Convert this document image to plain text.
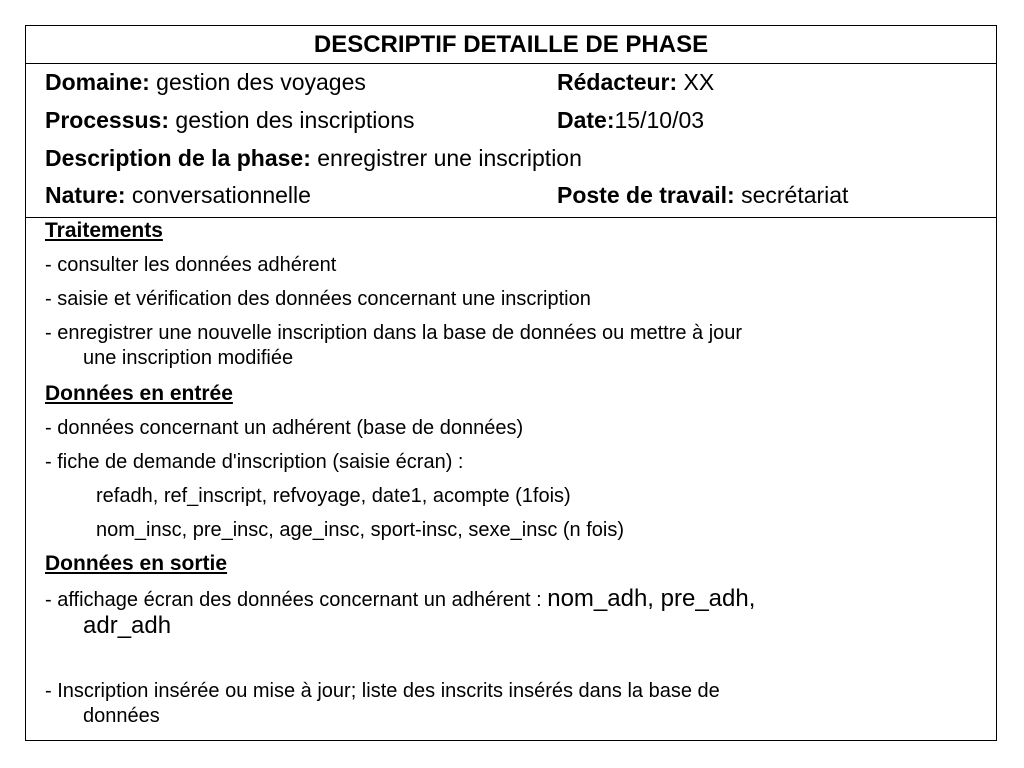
DESCRIPTIF DETAILLE DE PHASE
Domaine: gestion des voyages	Rédacteur: XX
Processus: gestion des inscriptions	Date:15/10/03
Description de la phase: enregistrer une inscription
Nature: conversationnelle	Poste de travail: secrétariat
Traitements
- consulter les données adhérent
- saisie et vérification des données concernant une inscription
- enregistrer une nouvelle inscription dans la base de données ou mettre à jour
une inscription modifiée
Données en entrée
- données concernant un adhérent (base de données)
- fiche de demande d'inscription (saisie écran) :
refadh, ref_inscript, refvoyage, date1, acompte (1fois)
nom_insc, pre_insc, age_insc, sport-insc, sexe_insc (n fois)
Données en sortie
- affichage écran des données concernant un adhérent : nom_adh, pre_adh,
adr_adh
- Inscription insérée ou mise à jour; liste des inscrits insérés dans la base de
données
